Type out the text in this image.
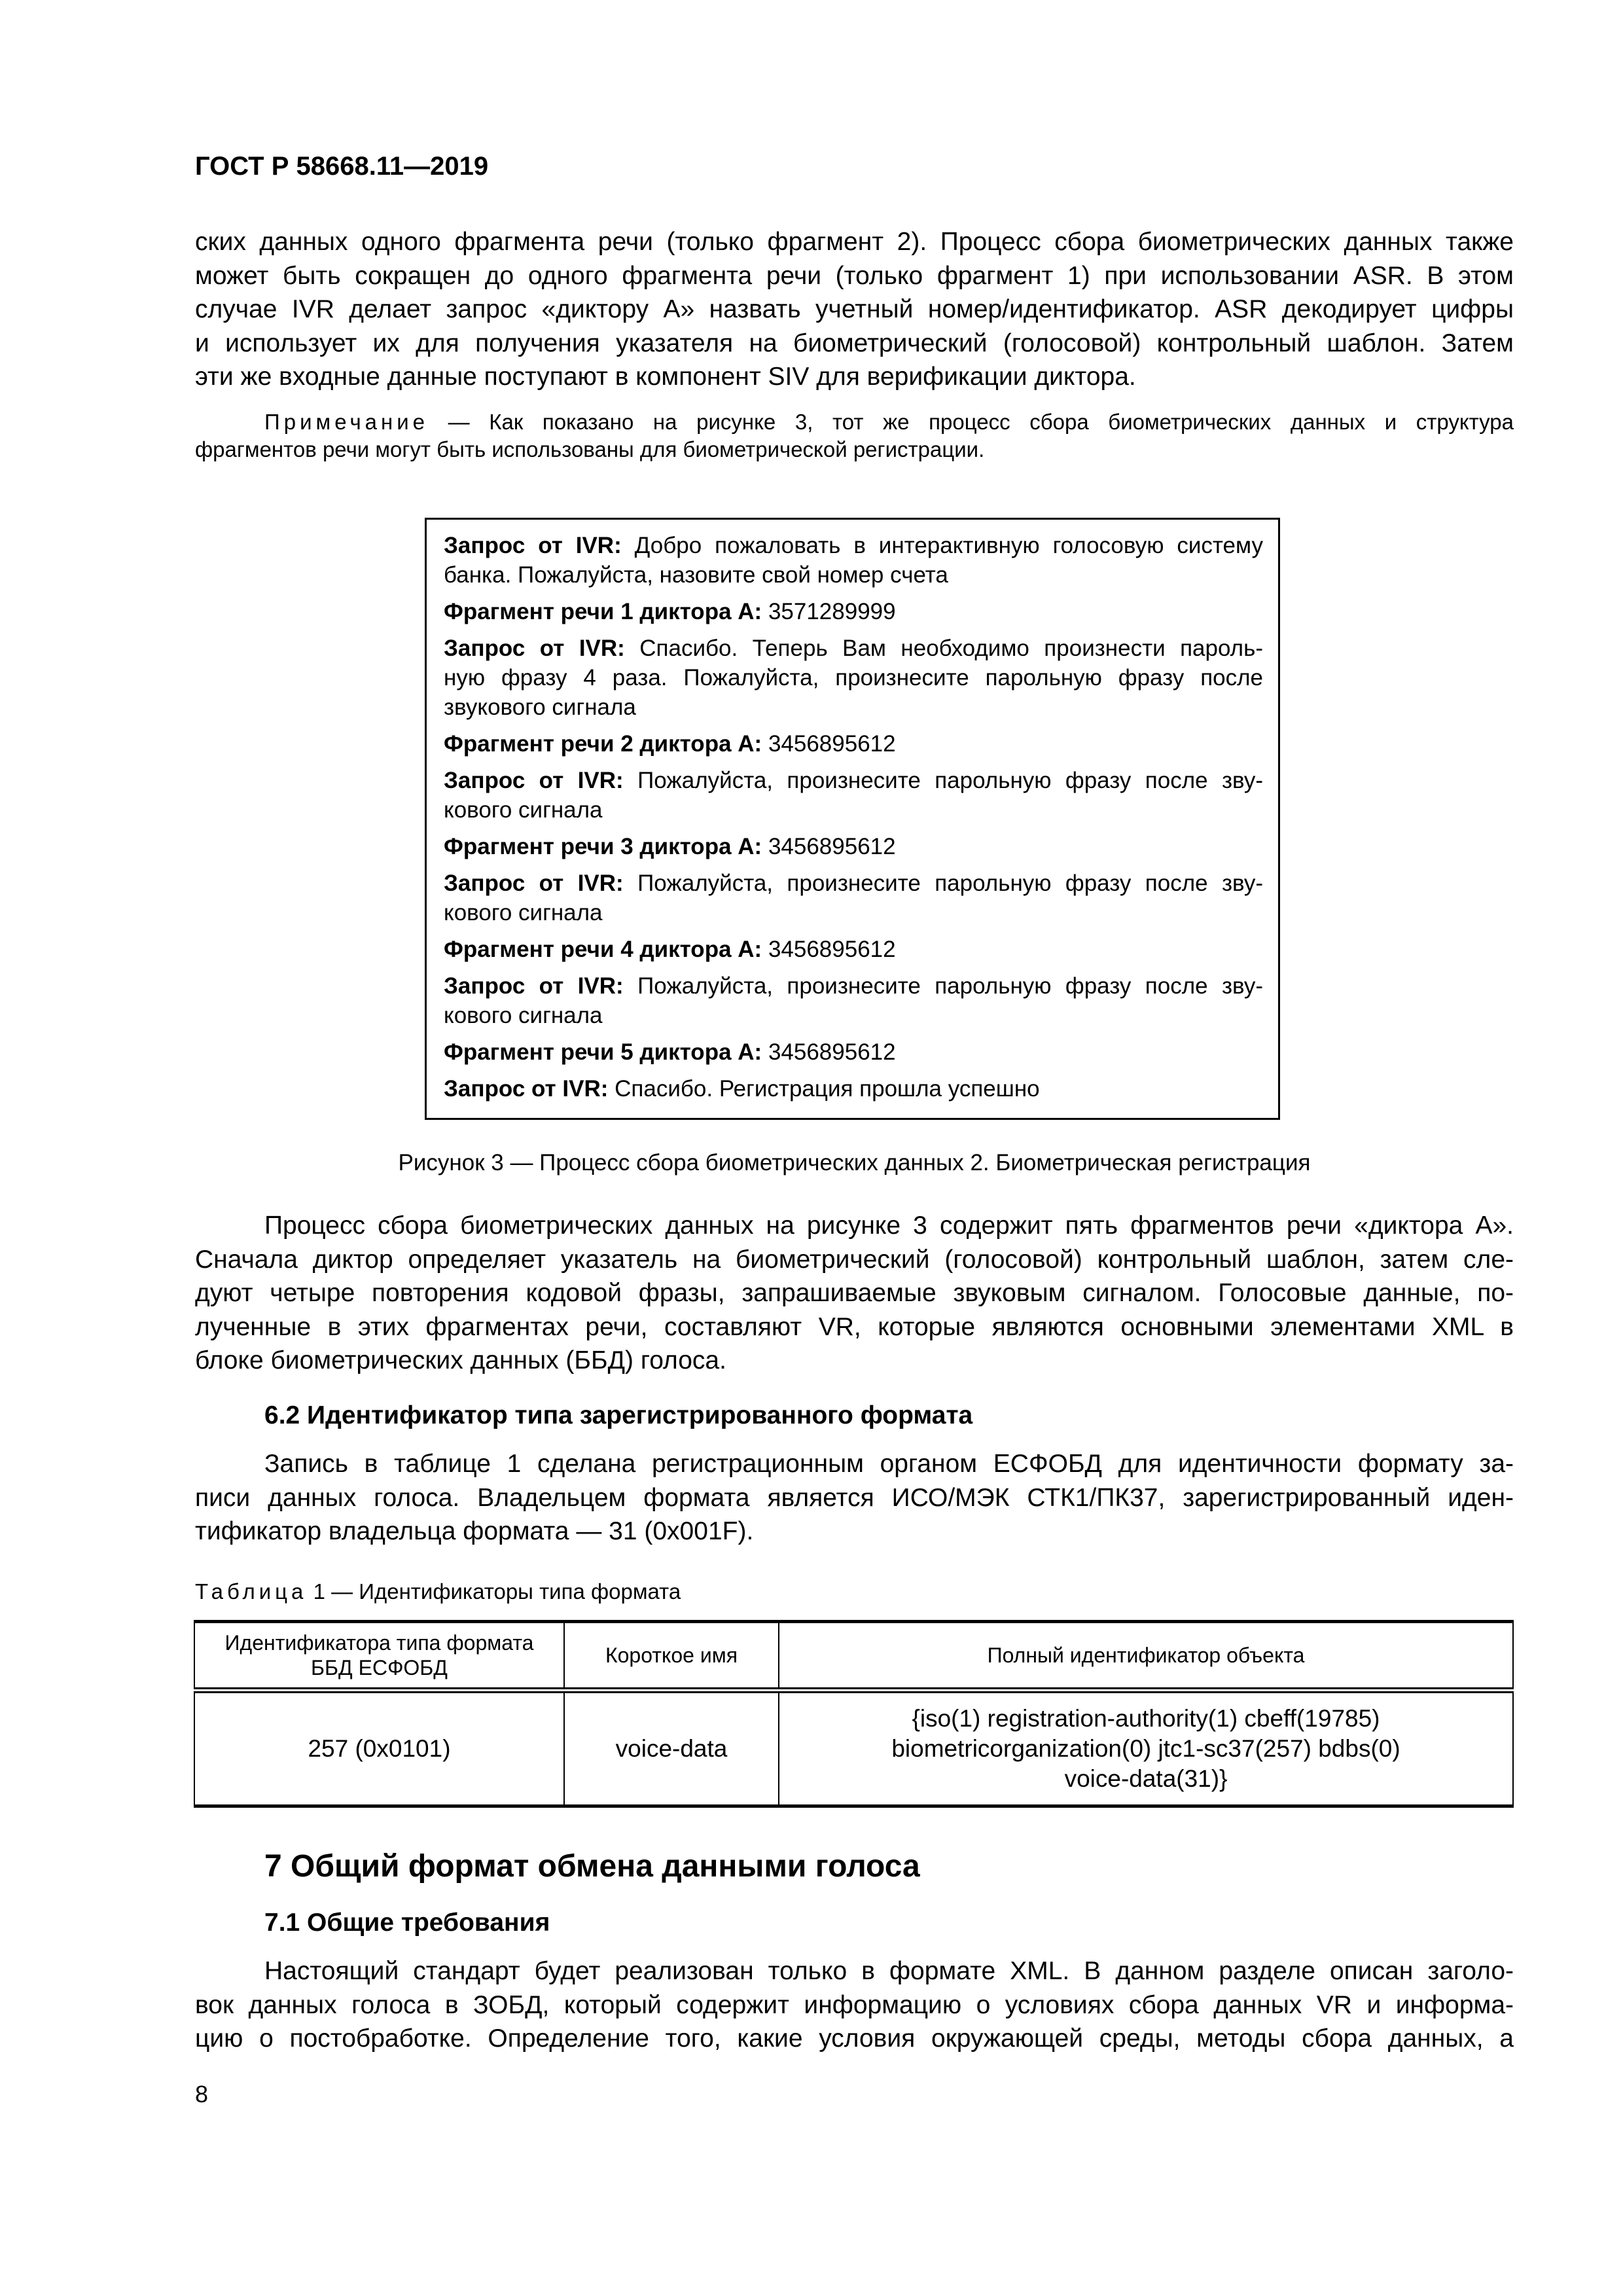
ГОСТ Р 58668.11—2019
ских данных одного фрагмента речи (только фрагмент 2). Процесс сбора биометрических данных также
может быть сокращен до одного фрагмента речи (только фрагмент 1) при использовании ASR. В этом
случае IVR делает запрос «диктору А» назвать учетный номер/идентификатор. ASR декодирует цифры
и использует их для получения указателя на биометрический (голосовой) контрольный шаблон. Затем
эти же входные данные поступают в компонент SIV для верификации диктора.
Примечание — Как показано на рисунке 3, тот же процесс сбора биометрических данных и структура
фрагментов речи могут быть использованы для биометрической регистрации.
Запрос от IVR: Добро пожаловать в интерактивную голосовую систему
банка. Пожалуйста, назовите свой номер счета
Фрагмент речи 1 диктора А: 3571289999
Запрос от IVR: Спасибо. Теперь Вам необходимо произнести пароль-
ную фразу 4 раза. Пожалуйста, произнесите парольную фразу после
звукового сигнала
Фрагмент речи 2 диктора А: 3456895612
Запрос от IVR: Пожалуйста, произнесите парольную фразу после зву-
кового сигнала
Фрагмент речи 3 диктора А: 3456895612
Запрос от IVR: Пожалуйста, произнесите парольную фразу после зву-
кового сигнала
Фрагмент речи 4 диктора А: 3456895612
Запрос от IVR: Пожалуйста, произнесите парольную фразу после зву-
кового сигнала
Фрагмент речи 5 диктора А: 3456895612
Запрос от IVR: Спасибо. Регистрация прошла успешно
Рисунок 3 — Процесс сбора биометрических данных 2. Биометрическая регистрация
Процесс сбора биометрических данных на рисунке 3 содержит пять фрагментов речи «диктора А».
Сначала диктор определяет указатель на биометрический (голосовой) контрольный шаблон, затем сле-
дуют четыре повторения кодовой фразы, запрашиваемые звуковым сигналом. Голосовые данные, по-
лученные в этих фрагментах речи, составляют VR, которые являются основными элементами XML в
блоке биометрических данных (ББД) голоса.
6.2 Идентификатор типа зарегистрированного формата
Запись в таблице 1 сделана регистрационным органом ЕСФОБД для идентичности формату за-
писи данных голоса. Владельцем формата является ИСО/МЭК СТК1/ПК37, зарегистрированный иден-
тификатор владельца формата — 31 (0x001F).
Таблица 1 — Идентификаторы типа формата
Идентификатора типа формата
ББД ЕСФОБД	Короткое имя	Полный идентификатор объекта
257 (0x0101)	voice-data	{iso(1) registration-authority(1) cbeff(19785)
biometricorganization(0) jtc1-sc37(257) bdbs(0)
voice-data(31)}
7 Общий формат обмена данными голоса
7.1 Общие требования
Настоящий стандарт будет реализован только в формате XML. В данном разделе описан заголо-
вок данных голоса в ЗОБД, который содержит информацию о условиях сбора данных VR и информа-
цию о постобработке. Определение того, какие условия окружающей среды, методы сбора данных, а
8
